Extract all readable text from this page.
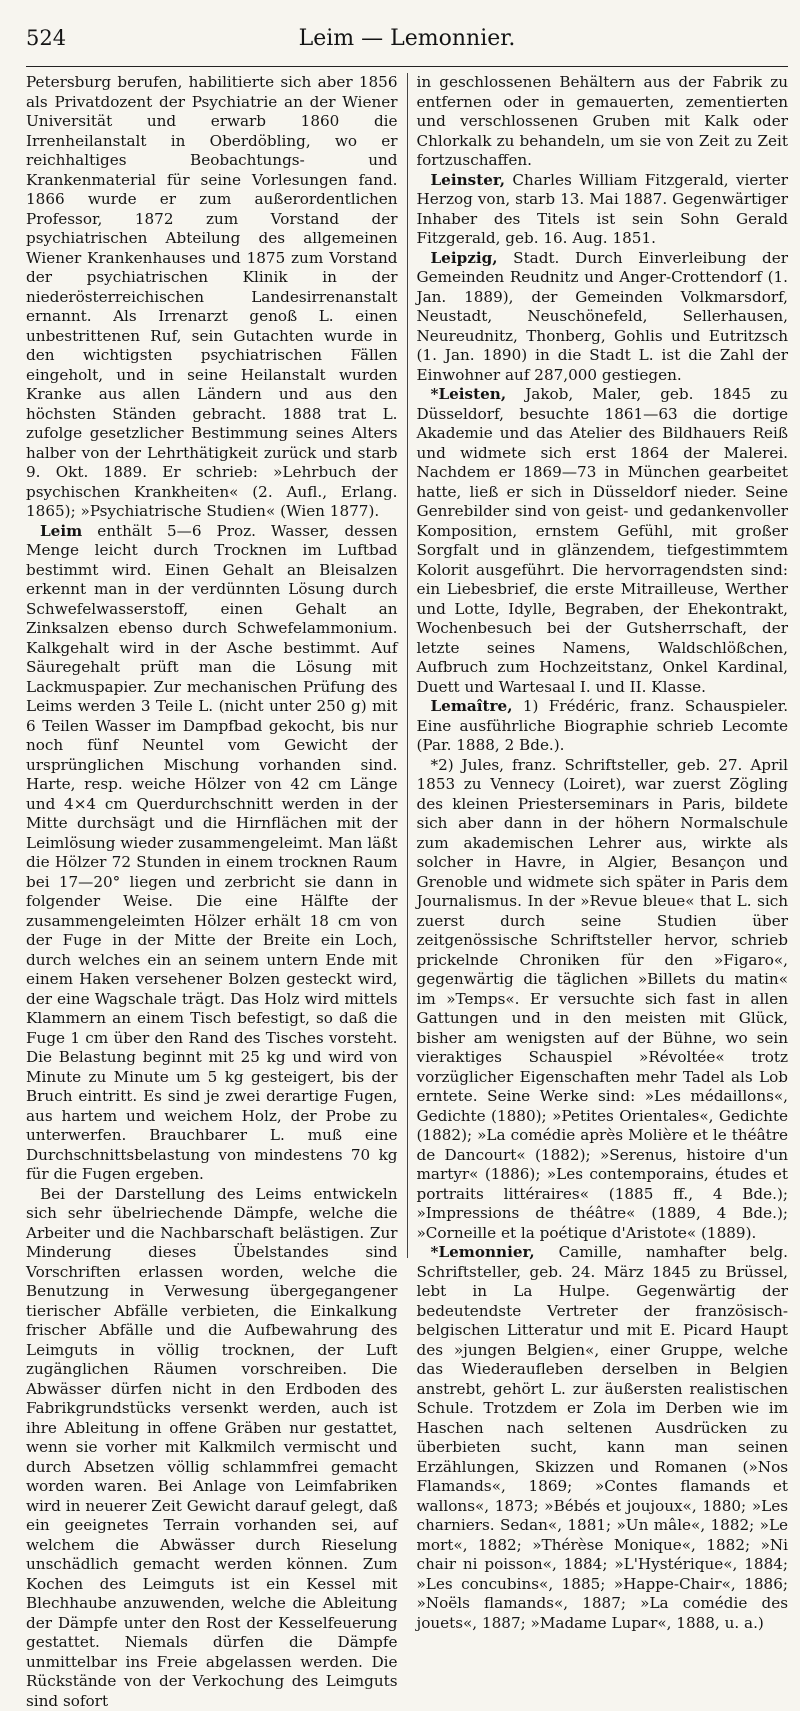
524	Leim — Lemonnier.

Petersburg berufen, habilitierte sich aber 1856 als Privatdozent der Psychiatrie an der Wiener Universität und erwarb 1860 die Irrenheilanstalt in Oberdöbling, wo er reichhaltiges Beobachtungs- und Krankenmaterial für seine Vorlesungen fand. 1866 wurde er zum außerordentlichen Professor, 1872 zum Vorstand der psychiatrischen Abteilung des allgemeinen Wiener Krankenhauses und 1875 zum Vorstand der psychiatrischen Klinik in der niederösterreichischen Landesirrenanstalt ernannt. Als Irrenarzt genoß L. einen unbestrittenen Ruf, sein Gutachten wurde in den wichtigsten psychiatrischen Fällen eingeholt, und in seine Heilanstalt wurden Kranke aus allen Ländern und aus den höchsten Ständen gebracht. 1888 trat L. zufolge gesetzlicher Bestimmung seines Alters halber von der Lehrthätigkeit zurück und starb 9. Okt. 1889. Er schrieb: »Lehrbuch der psychischen Krankheiten« (2. Aufl., Erlang. 1865); »Psychiatrische Studien« (Wien 1877).

Leim enthält 5—6 Proz. Wasser, dessen Menge leicht durch Trocknen im Luftbad bestimmt wird. Einen Gehalt an Bleisalzen erkennt man in der verdünnten Lösung durch Schwefelwasserstoff, einen Gehalt an Zinksalzen ebenso durch Schwefelammonium. Kalkgehalt wird in der Asche bestimmt. Auf Säuregehalt prüft man die Lösung mit Lackmuspapier. Zur mechanischen Prüfung des Leims werden 3 Teile L. (nicht unter 250 g) mit 6 Teilen Wasser im Dampfbad gekocht, bis nur noch fünf Neuntel vom Gewicht der ursprünglichen Mischung vorhanden sind. Harte, resp. weiche Hölzer von 42 cm Länge und 4×4 cm Querdurchschnitt werden in der Mitte durchsägt und die Hirnflächen mit der Leimlösung wieder zusammengeleimt. Man läßt die Hölzer 72 Stunden in einem trocknen Raum bei 17—20° liegen und zerbricht sie dann in folgender Weise. Die eine Hälfte der zusammengeleimten Hölzer erhält 18 cm von der Fuge in der Mitte der Breite ein Loch, durch welches ein an seinem untern Ende mit einem Haken versehener Bolzen gesteckt wird, der eine Wagschale trägt. Das Holz wird mittels Klammern an einem Tisch befestigt, so daß die Fuge 1 cm über den Rand des Tisches vorsteht. Die Belastung beginnt mit 25 kg und wird von Minute zu Minute um 5 kg gesteigert, bis der Bruch eintritt. Es sind je zwei derartige Fugen, aus hartem und weichem Holz, der Probe zu unterwerfen. Brauchbarer L. muß eine Durchschnittsbelastung von mindestens 70 kg für die Fugen ergeben.

Bei der Darstellung des Leims entwickeln sich sehr übelriechende Dämpfe, welche die Arbeiter und die Nachbarschaft belästigen. Zur Minderung dieses Übelstandes sind Vorschriften erlassen worden, welche die Benutzung in Verwesung übergegangener tierischer Abfälle verbieten, die Einkalkung frischer Abfälle und die Aufbewahrung des Leimguts in völlig trocknen, der Luft zugänglichen Räumen vorschreiben. Die Abwässer dürfen nicht in den Erdboden des Fabrikgrundstücks versenkt werden, auch ist ihre Ableitung in offene Gräben nur gestattet, wenn sie vorher mit Kalkmilch vermischt und durch Absetzen völlig schlammfrei gemacht worden waren. Bei Anlage von Leimfabriken wird in neuerer Zeit Gewicht darauf gelegt, daß ein geeignetes Terrain vorhanden sei, auf welchem die Abwässer durch Rieselung unschädlich gemacht werden können. Zum Kochen des Leimguts ist ein Kessel mit Blechhaube anzuwenden, welche die Ableitung der Dämpfe unter den Rost der Kesselfeuerung gestattet. Niemals dürfen die Dämpfe unmittelbar ins Freie abgelassen werden. Die Rückstände von der Verkochung des Leimguts sind sofort

in geschlossenen Behältern aus der Fabrik zu entfernen oder in gemauerten, zementierten und verschlossenen Gruben mit Kalk oder Chlorkalk zu behandeln, um sie von Zeit zu Zeit fortzuschaffen.

Leinster, Charles William Fitzgerald, vierter Herzog von, starb 13. Mai 1887. Gegenwärtiger Inhaber des Titels ist sein Sohn Gerald Fitzgerald, geb. 16. Aug. 1851.

Leipzig, Stadt. Durch Einverleibung der Gemeinden Reudnitz und Anger-Crottendorf (1. Jan. 1889), der Gemeinden Volkmarsdorf, Neustadt, Neuschönefeld, Sellerhausen, Neureudnitz, Thonberg, Gohlis und Eutritzsch (1. Jan. 1890) in die Stadt L. ist die Zahl der Einwohner auf 287,000 gestiegen.

*Leisten, Jakob, Maler, geb. 1845 zu Düsseldorf, besuchte 1861—63 die dortige Akademie und das Atelier des Bildhauers Reiß und widmete sich erst 1864 der Malerei. Nachdem er 1869—73 in München gearbeitet hatte, ließ er sich in Düsseldorf nieder. Seine Genrebilder sind von geist- und gedankenvoller Komposition, ernstem Gefühl, mit großer Sorgfalt und in glänzendem, tiefgestimmtem Kolorit ausgeführt. Die hervorragendsten sind: ein Liebesbrief, die erste Mitrailleuse, Werther und Lotte, Idylle, Begraben, der Ehekontrakt, Wochenbesuch bei der Gutsherrschaft, der letzte seines Namens, Waldschlößchen, Aufbruch zum Hochzeitstanz, Onkel Kardinal, Duett und Wartesaal I. und II. Klasse.

Lemaître, 1) Frédéric, franz. Schauspieler. Eine ausführliche Biographie schrieb Lecomte (Par. 1888, 2 Bde.).

*2) Jules, franz. Schriftsteller, geb. 27. April 1853 zu Vennecy (Loiret), war zuerst Zögling des kleinen Priesterseminars in Paris, bildete sich aber dann in der höhern Normalschule zum akademischen Lehrer aus, wirkte als solcher in Havre, in Algier, Besançon und Grenoble und widmete sich später in Paris dem Journalismus. In der »Revue bleue« that L. sich zuerst durch seine Studien über zeitgenössische Schriftsteller hervor, schrieb prickelnde Chroniken für den »Figaro«, gegenwärtig die täglichen »Billets du matin« im »Temps«. Er versuchte sich fast in allen Gattungen und in den meisten mit Glück, bisher am wenigsten auf der Bühne, wo sein vieraktiges Schauspiel »Révoltée« trotz vorzüglicher Eigenschaften mehr Tadel als Lob erntete. Seine Werke sind: »Les médaillons«, Gedichte (1880); »Petites Orientales«, Gedichte (1882); »La comédie après Molière et le théâtre de Dancourt« (1882); »Serenus, histoire d'un martyr« (1886); »Les contemporains, études et portraits littéraires« (1885 ff., 4 Bde.); »Impressions de théâtre« (1889, 4 Bde.); »Corneille et la poétique d'Aristote« (1889).

*Lemonnier, Camille, namhafter belg. Schriftsteller, geb. 24. März 1845 zu Brüssel, lebt in La Hulpe. Gegenwärtig der bedeutendste Vertreter der französisch-belgischen Litteratur und mit E. Picard Haupt des »jungen Belgien«, einer Gruppe, welche das Wiederaufleben derselben in Belgien anstrebt, gehört L. zur äußersten realistischen Schule. Trotzdem er Zola im Derben wie im Haschen nach seltenen Ausdrücken zu überbieten sucht, kann man seinen Erzählungen, Skizzen und Romanen (»Nos Flamands«, 1869; »Contes flamands et wallons«, 1873; »Bébés et joujoux«, 1880; »Les charniers. Sedan«, 1881; »Un mâle«, 1882; »Le mort«, 1882; »Thérèse Monique«, 1882; »Ni chair ni poisson«, 1884; »L'Hystérique«, 1884; »Les concubins«, 1885; »Happe-Chair«, 1886; »Noëls flamands«, 1887; »La comédie des jouets«, 1887; »Madame Lupar«, 1888, u. a.)
